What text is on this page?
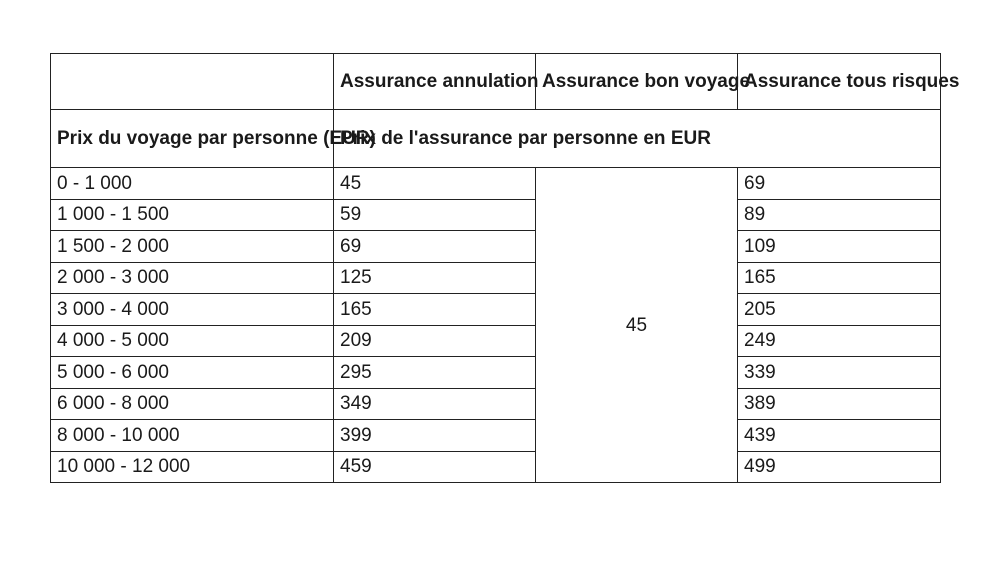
	Assurance annulation	Assurance bon voyage	Assurance tous risques
Prix du voyage par personne (EUR)	Prix de l'assurance par personne en EUR		
0 - 1 000	45	45	69
1 000 - 1 500	59		89
1 500 - 2 000	69		109
2 000 - 3 000	125		165
3 000 - 4 000	165		205
4 000 - 5 000	209		249
5 000 - 6 000	295		339
6 000 - 8 000	349		389
8 000 - 10 000	399		439
10 000 - 12 000	459		499
